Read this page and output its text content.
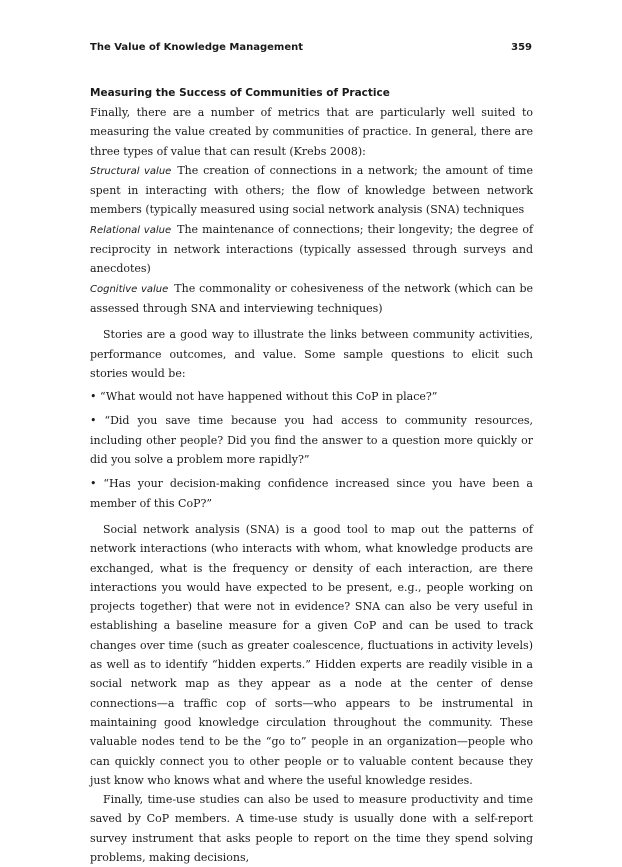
The Value of Knowledge Management	359
Measuring the Success of Communities of Practice

Finally, there are a number of metrics that are particularly well suited to measuring the value created by communities of practice. In general, there are three types of value that can result (Krebs 2008):

Structural value The creation of connections in a network; the amount of time spent in interacting with others; the flow of knowledge between network members (typically measured using social network analysis (SNA) techniques

Relational value The maintenance of connections; their longevity; the degree of reciprocity in network interactions (typically assessed through surveys and anecdotes)

Cognitive value The commonality or cohesiveness of the network (which can be assessed through SNA and interviewing techniques)

Stories are a good way to illustrate the links between community activities, performance outcomes, and value. Some sample questions to elicit such stories would be:

• “What would not have happened without this CoP in place?”
• “Did you save time because you had access to community resources, including other people? Did you find the answer to a question more quickly or did you solve a problem more rapidly?”
• “Has your decision-making confidence increased since you have been a member of this CoP?”

Social network analysis (SNA) is a good tool to map out the patterns of network interactions (who interacts with whom, what knowledge products are exchanged, what is the frequency or density of each interaction, are there interactions you would have expected to be present, e.g., people working on projects together) that were not in evidence? SNA can also be very useful in establishing a baseline measure for a given CoP and can be used to track changes over time (such as greater coalescence, fluctuations in activity levels) as well as to identify “hidden experts.” Hidden experts are readily visible in a social network map as they appear as a node at the center of dense connections—a traffic cop of sorts—who appears to be instrumental in maintaining good knowledge circulation throughout the community. These valuable nodes tend to be the “go to” people in an organization—people who can quickly connect you to other people or to valuable content because they just know who knows what and where the useful knowledge resides.

Finally, time-use studies can also be used to measure productivity and time saved by CoP members. A time-use study is usually done with a self-report survey instrument that asks people to report on the time they spend solving problems, making decisions,
